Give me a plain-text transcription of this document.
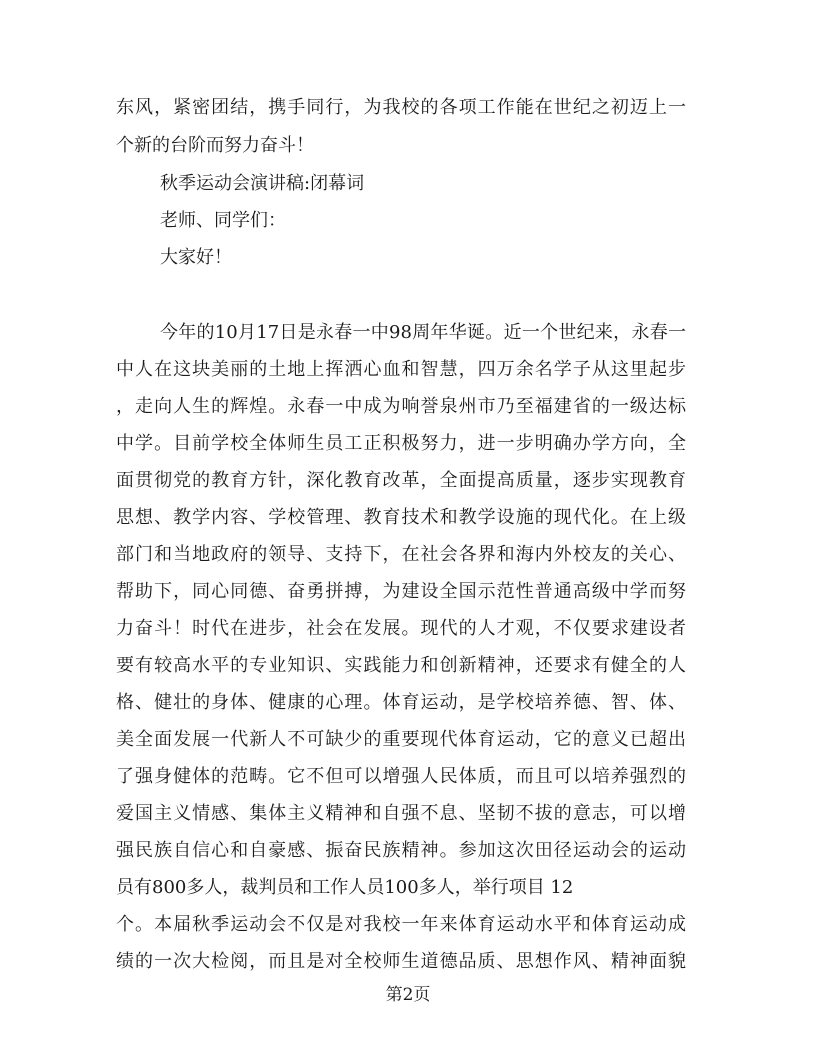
东风，紧密团结，携手同行，为我校的各项工作能在世纪之初迈上一
个新的台阶而努力奋斗！
秋季运动会演讲稿:闭幕词
老师、同学们：
大家好！
今年的10月17日是永春一中98周年华诞。近一个世纪来，永春一
中人在这块美丽的土地上挥洒心血和智慧，四万余名学子从这里起步
，走向人生的辉煌。永春一中成为响誉泉州市乃至福建省的一级达标
中学。目前学校全体师生员工正积极努力，进一步明确办学方向，全
面贯彻党的教育方针，深化教育改革，全面提高质量，逐步实现教育
思想、教学内容、学校管理、教育技术和教学设施的现代化。在上级
部门和当地政府的领导、支持下，在社会各界和海内外校友的关心、
帮助下，同心同德、奋勇拼搏，为建设全国示范性普通高级中学而努
力奋斗！时代在进步，社会在发展。现代的人才观，不仅要求建设者
要有较高水平的专业知识、实践能力和创新精神，还要求有健全的人
格、健壮的身体、健康的心理。体育运动，是学校培养德、智、体、
美全面发展一代新人不可缺少的重要现代体育运动，它的意义已超出
了强身健体的范畴。它不但可以增强人民体质，而且可以培养强烈的
爱国主义情感、集体主义精神和自强不息、坚韧不拔的意志，可以增
强民族自信心和自豪感、振奋民族精神。参加这次田径运动会的运动
员有800多人，裁判员和工作人员100多人，举行项目 12
个。本届秋季运动会不仅是对我校一年来体育运动水平和体育运动成
绩的一次大检阅，而且是对全校师生道德品质、思想作风、精神面貌
第2页
